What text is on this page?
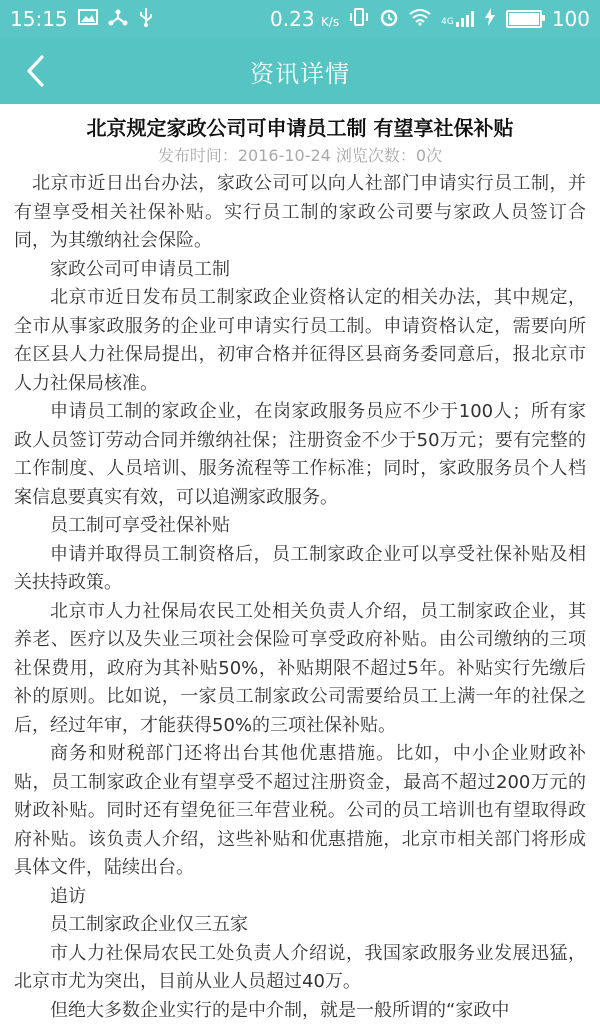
15:15	0.23 K/s	4G	100
资讯详情
北京规定家政公司可申请员工制 有望享社保补贴
发布时间：2016-10-24 浏览次数：0次

北京市近日出台办法，家政公司可以向人社部门申请实行员工制，并有望享受相关社保补贴。实行员工制的家政公司要与家政人员签订合同，为其缴纳社会保险。

家政公司可申请员工制

北京市近日发布员工制家政企业资格认定的相关办法，其中规定，全市从事家政服务的企业可申请实行员工制。申请资格认定，需要向所在区县人力社保局提出，初审合格并征得区县商务委同意后，报北京市人力社保局核准。

申请员工制的家政企业，在岗家政服务员应不少于100人；所有家政人员签订劳动合同并缴纳社保；注册资金不少于50万元；要有完整的工作制度、人员培训、服务流程等工作标准；同时，家政服务员个人档案信息要真实有效，可以追溯家政服务。

员工制可享受社保补贴

申请并取得员工制资格后，员工制家政企业可以享受社保补贴及相关扶持政策。

北京市人力社保局农民工处相关负责人介绍，员工制家政企业，其养老、医疗以及失业三项社会保险可享受政府补贴。由公司缴纳的三项社保费用，政府为其补贴50%，补贴期限不超过5年。补贴实行先缴后补的原则。比如说，一家员工制家政公司需要给员工上满一年的社保之后，经过年审，才能获得50%的三项社保补贴。

商务和财税部门还将出台其他优惠措施。比如，中小企业财政补贴，员工制家政企业有望享受不超过注册资金，最高不超过200万元的财政补贴。同时还有望免征三年营业税。公司的员工培训也有望取得政府补贴。该负责人介绍，这些补贴和优惠措施，北京市相关部门将形成具体文件，陆续出台。

追访

员工制家政企业仅三五家

市人力社保局农民工处负责人介绍说，我国家政服务业发展迅猛，北京市尤为突出，目前从业人员超过40万。

但绝大多数企业实行的是中介制，就是一般所谓的“家政中
